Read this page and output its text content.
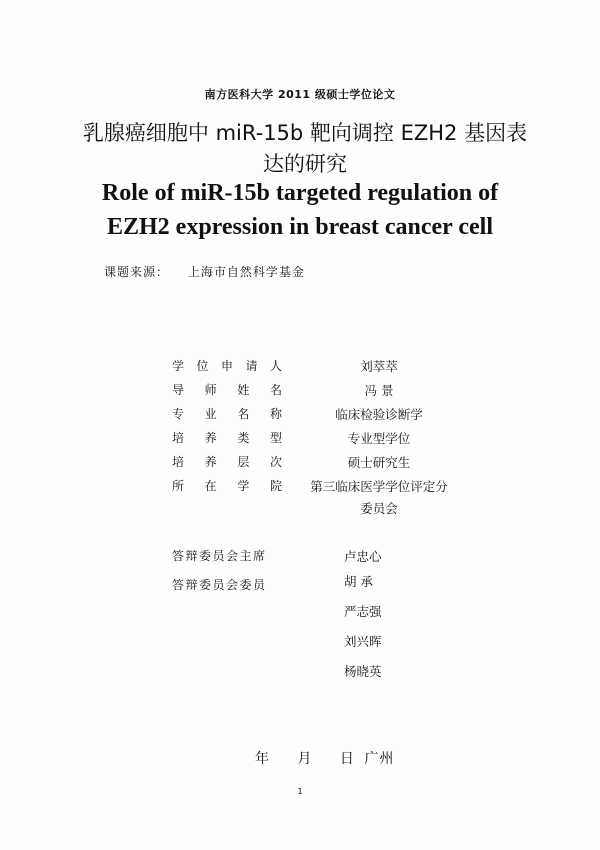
南方医科大学 2011 级硕士学位论文
乳腺癌细胞中 miR-15b 靶向调控 EZH2 基因表
达的研究
Role of miR-15b targeted regulation of
EZH2 expression in breast cancer cell
课题来源： 上海市自然科学基金
学 位 申 请 人	刘萃萃
导 师 姓 名	冯 景
专 业 名 称	临床检验诊断学
培 养 类 型	专业型学位
培 养 层 次	硕士研究生
所 在 学 院	第三临床医学学位评定分
委员会
答辩委员会主席	卢忠心
答辩委员会委员	胡 承
严志强
刘兴晖
杨晓英
年 月 日 广州
1
